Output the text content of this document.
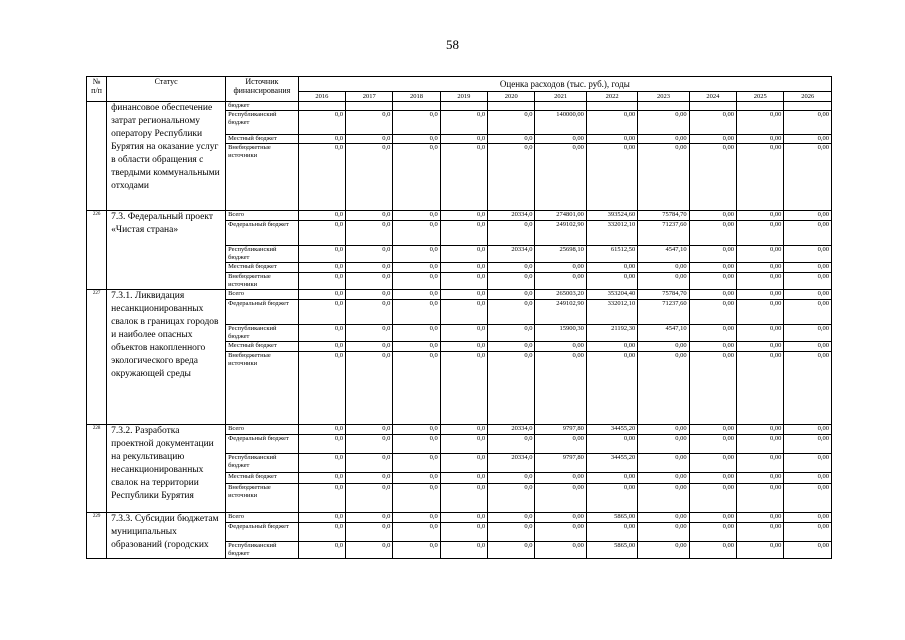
58
№ п/п	Статус	Источник финансирования	Оценка расходов (тыс. руб.), годы										
			2016	2017	2018	2019	2020	2021	2022	2023	2024	2025	2026
	финансовое обеспечение затрат региональному оператору Республики Бурятия на оказание услуг в области обращения с твердыми коммунальными отходами	бюджет											
		Республиканский бюджет	0,0	0,0	0,0	0,0	0,0	140000,00	0,00	0,00	0,00	0,00	0,00
		Местный бюджет	0,0	0,0	0,0	0,0	0,0	0,00	0,00	0,00	0,00	0,00	0,00
		Внебюджетные источники	0,0	0,0	0,0	0,0	0,0	0,00	0,00	0,00	0,00	0,00	0,00
226	7.3. Федеральный проект «Чистая страна»	Всего	0,0	0,0	0,0	0,0	20334,0	274801,00	393524,60	75784,70	0,00	0,00	0,00
		Федеральный бюджет	0,0	0,0	0,0	0,0	0,0	249102,90	332012,10	71237,60	0,00	0,00	0,00
		Республиканский бюджет	0,0	0,0	0,0	0,0	20334,0	25698,10	61512,50	4547,10	0,00	0,00	0,00
		Местный бюджет	0,0	0,0	0,0	0,0	0,0	0,00	0,00	0,00	0,00	0,00	0,00
		Внебюджетные источники	0,0	0,0	0,0	0,0	0,0	0,00	0,00	0,00	0,00	0,00	0,00
227	7.3.1. Ликвидация несанкционированных свалок в границах городов и наиболее опасных объектов накопленного экологического вреда окружающей среды	Всего	0,0	0,0	0,0	0,0	0,0	265003,20	353204,40	75784,70	0,00	0,00	0,00
		Федеральный бюджет	0,0	0,0	0,0	0,0	0,0	249102,90	332012,10	71237,60	0,00	0,00	0,00
		Республиканский бюджет	0,0	0,0	0,0	0,0	0,0	15900,30	21192,30	4547,10	0,00	0,00	0,00
		Местный бюджет	0,0	0,0	0,0	0,0	0,0	0,00	0,00	0,00	0,00	0,00	0,00
		Внебюджетные источники	0,0	0,0	0,0	0,0	0,0	0,00	0,00	0,00	0,00	0,00	0,00
228	7.3.2. Разработка проектной документации на рекультивацию несанкционированных свалок на территории Республики Бурятия	Всего	0,0	0,0	0,0	0,0	20334,0	9797,80	34455,20	0,00	0,00	0,00	0,00
		Федеральный бюджет	0,0	0,0	0,0	0,0	0,0	0,00	0,00	0,00	0,00	0,00	0,00
		Республиканский бюджет	0,0	0,0	0,0	0,0	20334,0	9797,80	34455,20	0,00	0,00	0,00	0,00
		Местный бюджет	0,0	0,0	0,0	0,0	0,0	0,00	0,00	0,00	0,00	0,00	0,00
		Внебюджетные источники	0,0	0,0	0,0	0,0	0,0	0,00	0,00	0,00	0,00	0,00	0,00
229	7.3.3. Субсидии бюджетам муниципальных образований (городских	Всего	0,0	0,0	0,0	0,0	0,0	0,00	5865,00	0,00	0,00	0,00	0,00
		Федеральный бюджет	0,0	0,0	0,0	0,0	0,0	0,00	0,00	0,00	0,00	0,00	0,00
		Республиканский бюджет	0,0	0,0	0,0	0,0	0,0	0,00	5865,00	0,00	0,00	0,00	0,00
